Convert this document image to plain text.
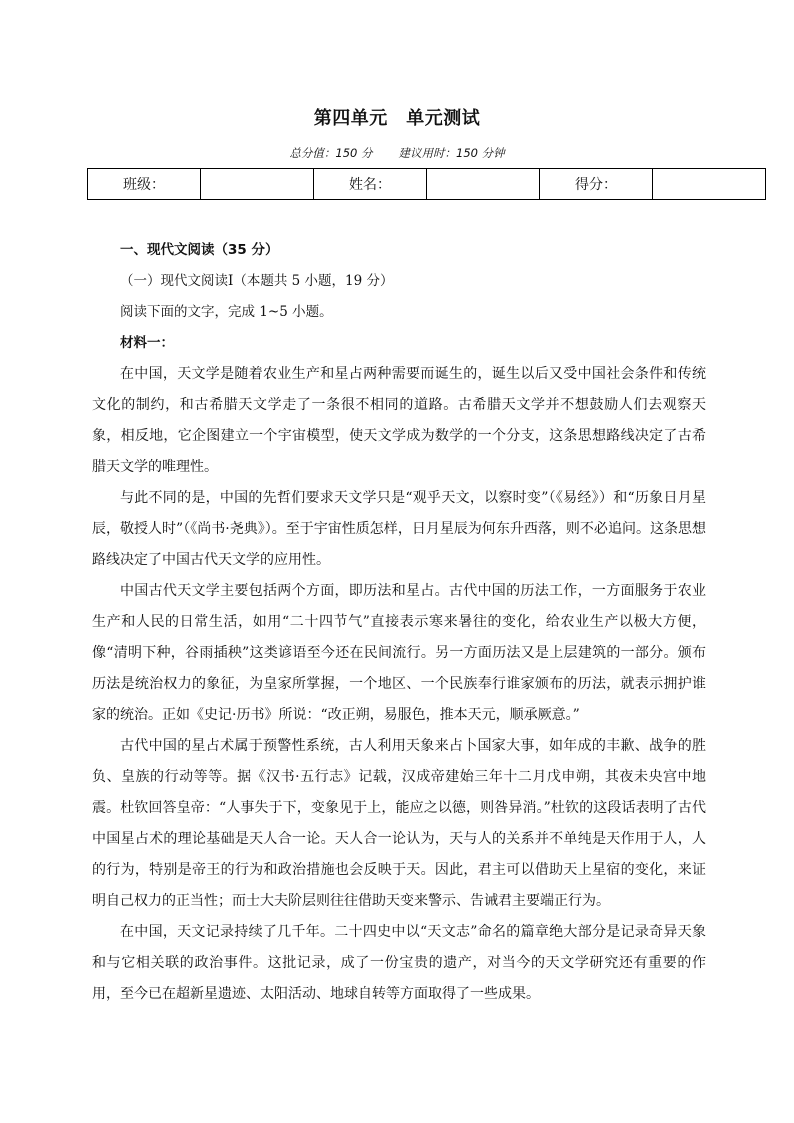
第四单元　单元测试
总分值：150 分 建议用时：150 分钟
班级：		姓名：		得分：	

一、现代文阅读（35 分）

（一）现代文阅读Ⅰ（本题共 5 小题，19 分）

阅读下面的文字，完成 1~5 小题。

材料一：

在中国，天文学是随着农业生产和星占两种需要而诞生的，诞生以后又受中国社会条件和传统文化的制约，和古希腊天文学走了一条很不相同的道路。古希腊天文学并不想鼓励人们去观察天象，相反地，它企图建立一个宇宙模型，使天文学成为数学的一个分支，这条思想路线决定了古希腊天文学的唯理性。

与此不同的是，中国的先哲们要求天文学只是“观乎天文，以察时变”（《易经》）和“历象日月星辰，敬授人时”（《尚书·尧典》）。至于宇宙性质怎样，日月星辰为何东升西落，则不必追问。这条思想路线决定了中国古代天文学的应用性。

中国古代天文学主要包括两个方面，即历法和星占。古代中国的历法工作，一方面服务于农业生产和人民的日常生活，如用“二十四节气”直接表示寒来暑往的变化，给农业生产以极大方便，像“清明下种，谷雨插秧”这类谚语至今还在民间流行。另一方面历法又是上层建筑的一部分。颁布历法是统治权力的象征，为皇家所掌握，一个地区、一个民族奉行谁家颁布的历法，就表示拥护谁家的统治。正如《史记·历书》所说：“改正朔，易服色，推本天元，顺承厥意。”

古代中国的星占术属于预警性系统，古人利用天象来占卜国家大事，如年成的丰歉、战争的胜负、皇族的行动等等。据《汉书·五行志》记载，汉成帝建始三年十二月戊申朔，其夜未央宫中地震。杜钦回答皇帝：“人事失于下，变象见于上，能应之以德，则咎异消。”杜钦的这段话表明了古代中国星占术的理论基础是天人合一论。天人合一论认为，天与人的关系并不单纯是天作用于人，人的行为，特别是帝王的行为和政治措施也会反映于天。因此，君主可以借助天上星宿的变化，来证明自己权力的正当性；而士大夫阶层则往往借助天变来警示、告诫君主要端正行为。

在中国，天文记录持续了几千年。二十四史中以“天文志”命名的篇章绝大部分是记录奇异天象和与它相关联的政治事件。这批记录，成了一份宝贵的遗产，对当今的天文学研究还有重要的作用，至今已在超新星遗迹、太阳活动、地球自转等方面取得了一些成果。
